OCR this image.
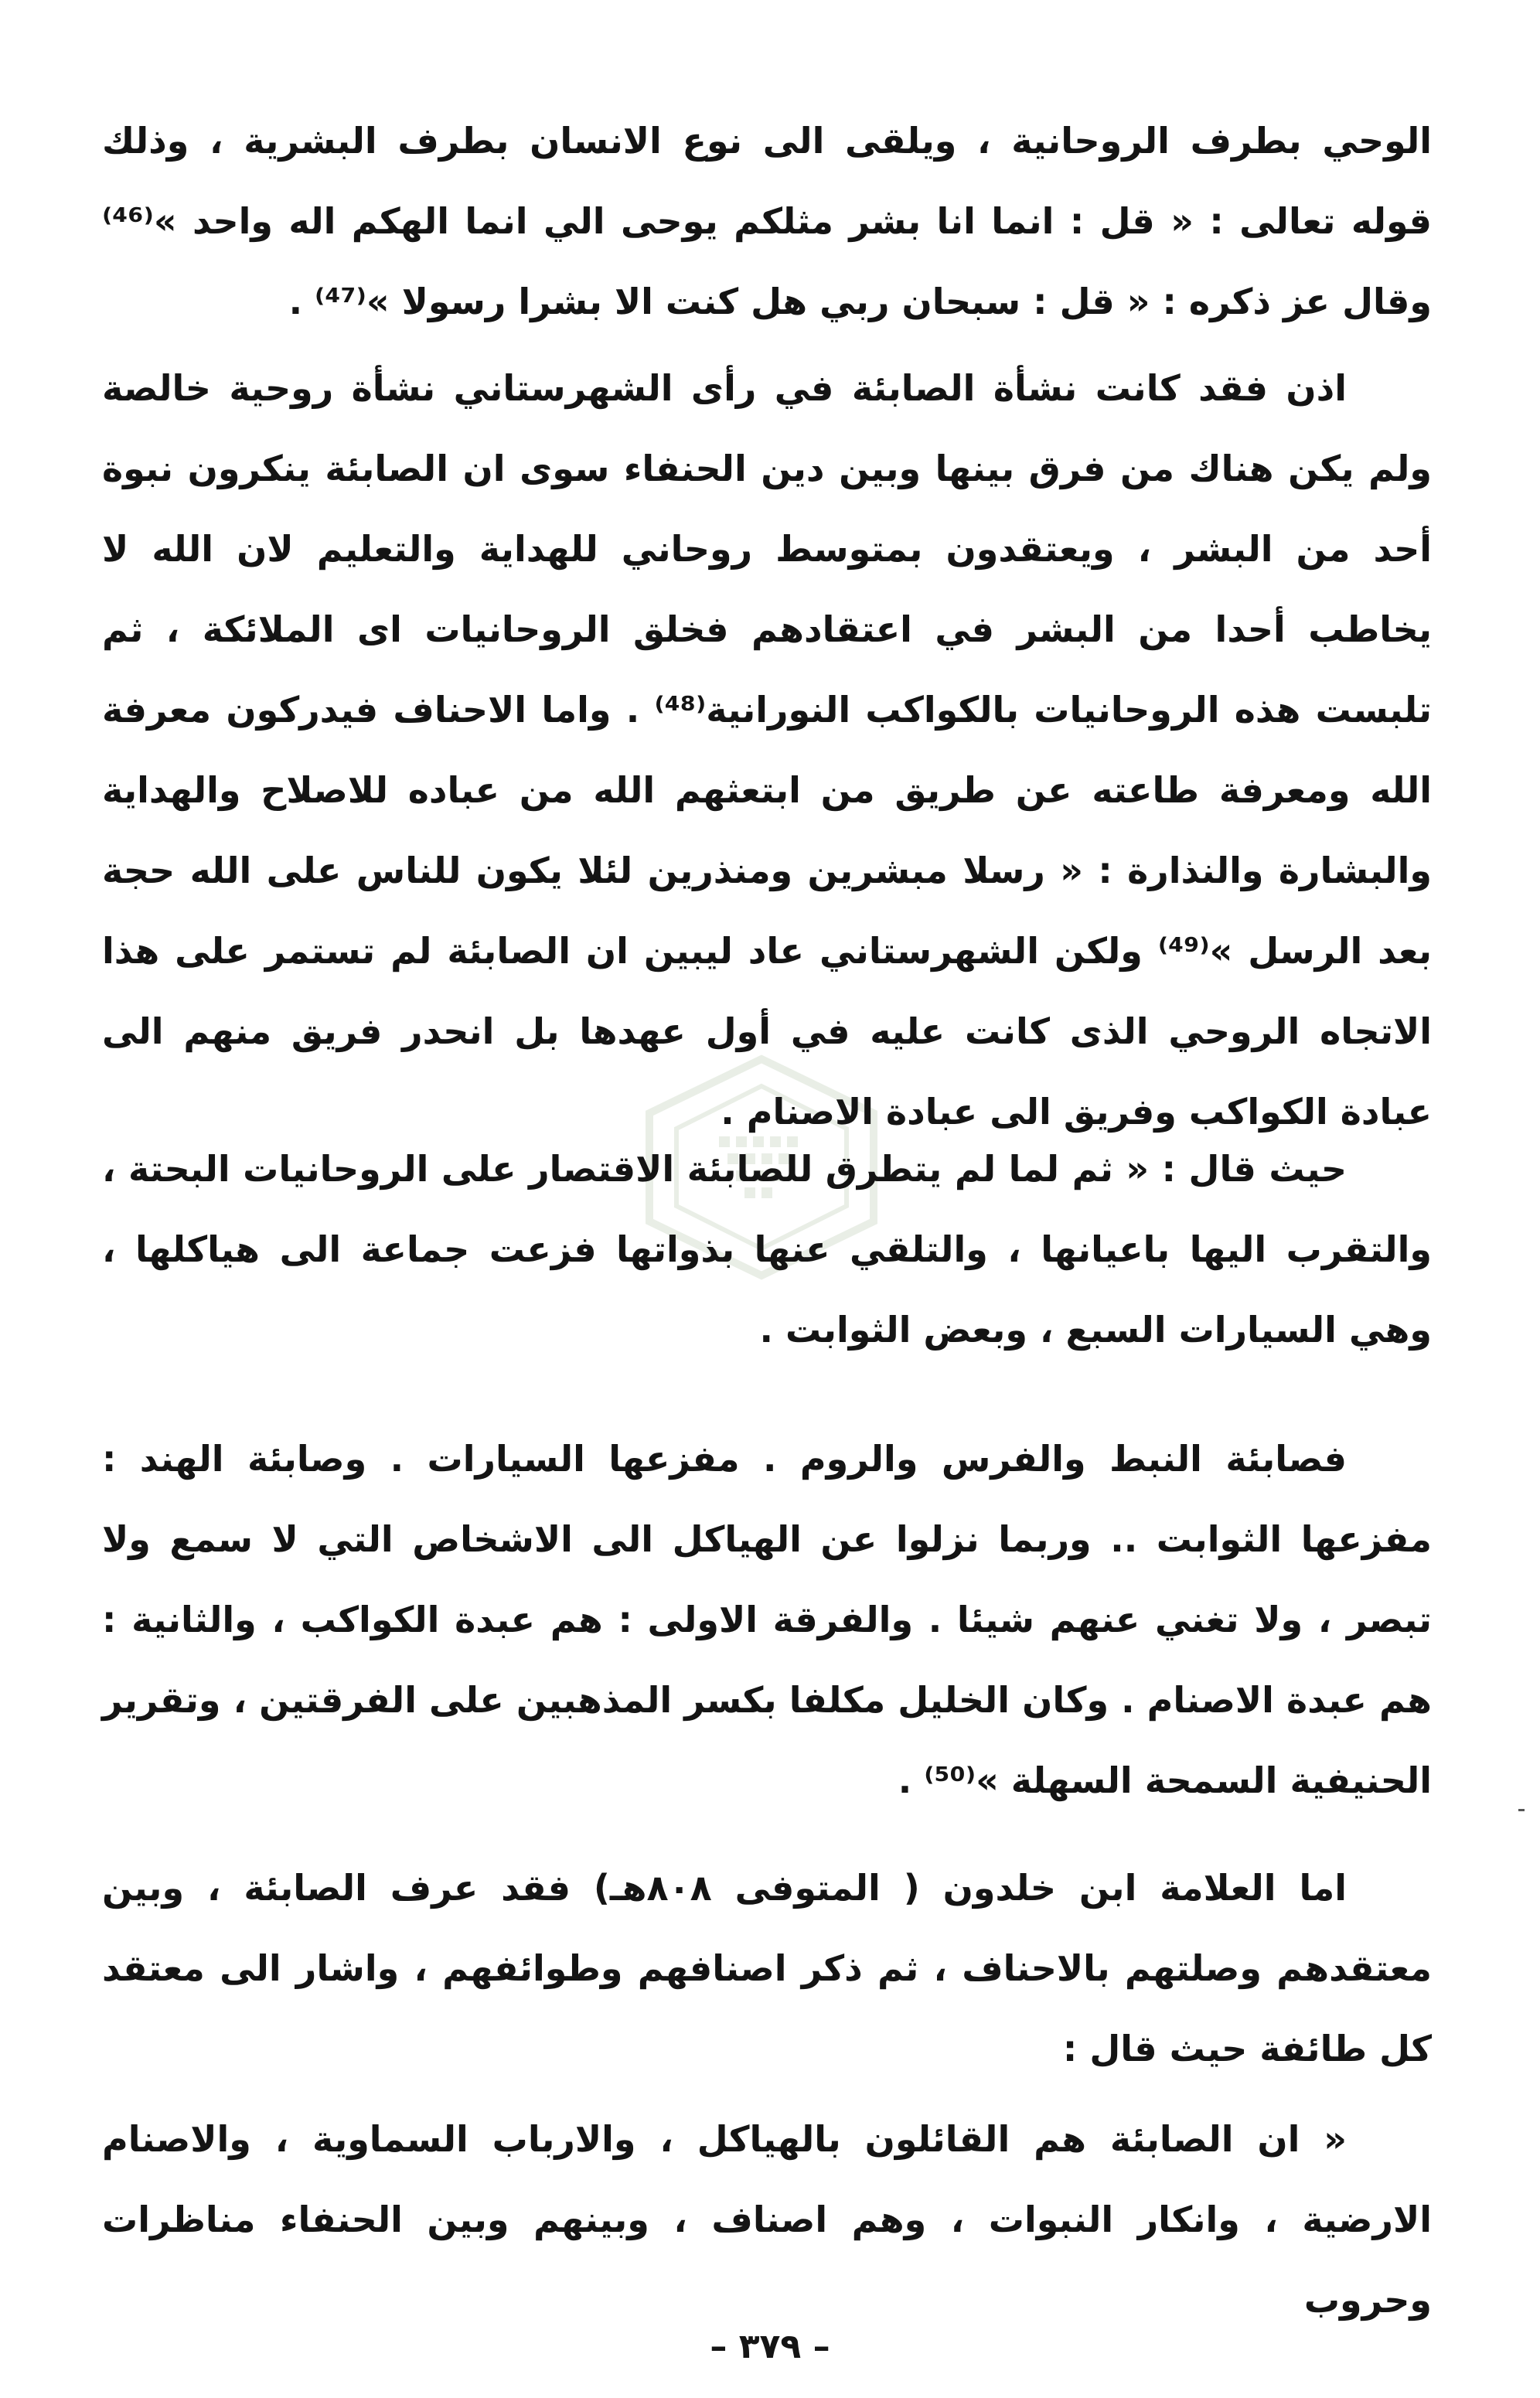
الوحي بطرف الروحانية ، ويلقى الى نوع الانسان بطرف البشرية ، وذلك قوله تعالى : « قل : انما انا بشر مثلكم يوحى الي انما الهكم اله واحد »⁽⁴⁶⁾ وقال عز ذكره : « قل : سبحان ربي هل كنت الا بشرا رسولا »⁽⁴⁷⁾ .

اذن فقد كانت نشأة الصابئة في رأى الشهرستاني نشأة روحية خالصة ولم يكن هناك من فرق بينها وبين دين الحنفاء سوى ان الصابئة ينكرون نبوة أحد من البشر ، ويعتقدون بمتوسط روحاني للهداية والتعليم لان الله لا يخاطب أحدا من البشر في اعتقادهم فخلق الروحانيات اى الملائكة ، ثم تلبست هذه الروحانيات بالكواكب النورانية⁽⁴⁸⁾ . واما الاحناف فيدركون معرفة الله ومعرفة طاعته عن طريق من ابتعثهم الله من عباده للاصلاح والهداية والبشارة والنذارة : « رسلا مبشرين ومنذرين لئلا يكون للناس على الله حجة بعد الرسل »⁽⁴⁹⁾ ولكن الشهرستاني عاد ليبين ان الصابئة لم تستمر على هذا الاتجاه الروحي الذى كانت عليه في أول عهدها بل انحدر فريق منهم الى عبادة الكواكب وفريق الى عبادة الاصنام .

حيث قال : « ثم لما لم يتطرق للصابئة الاقتصار على الروحانيات البحتة ، والتقرب اليها باعيانها ، والتلقي عنها بذواتها فزعت جماعة الى هياكلها ، وهي السيارات السبع ، وبعض الثوابت .

فصابئة النبط والفرس والروم . مفزعها السيارات . وصابئة الهند : مفزعها الثوابت .. وربما نزلوا عن الهياكل الى الاشخاص التي لا سمع ولا تبصر ، ولا تغني عنهم شيئا . والفرقة الاولى : هم عبدة الكواكب ، والثانية : هم عبدة الاصنام . وكان الخليل مكلفا بكسر المذهبين على الفرقتين ، وتقرير الحنيفية السمحة السهلة »⁽⁵⁰⁾ .

اما العلامة ابن خلدون ( المتوفى ٨٠٨هـ) فقد عرف الصابئة ، وبين معتقدهم وصلتهم بالاحناف ، ثم ذكر اصنافهم وطوائفهم ، واشار الى معتقد كل طائفة حيث قال :

« ان الصابئة هم القائلون بالهياكل ، والارباب السماوية ، والاصنام الارضية ، وانكار النبوات ، وهم اصناف ، وبينهم وبين الحنفاء مناظرات وحروب

– ٣٧٩ –
